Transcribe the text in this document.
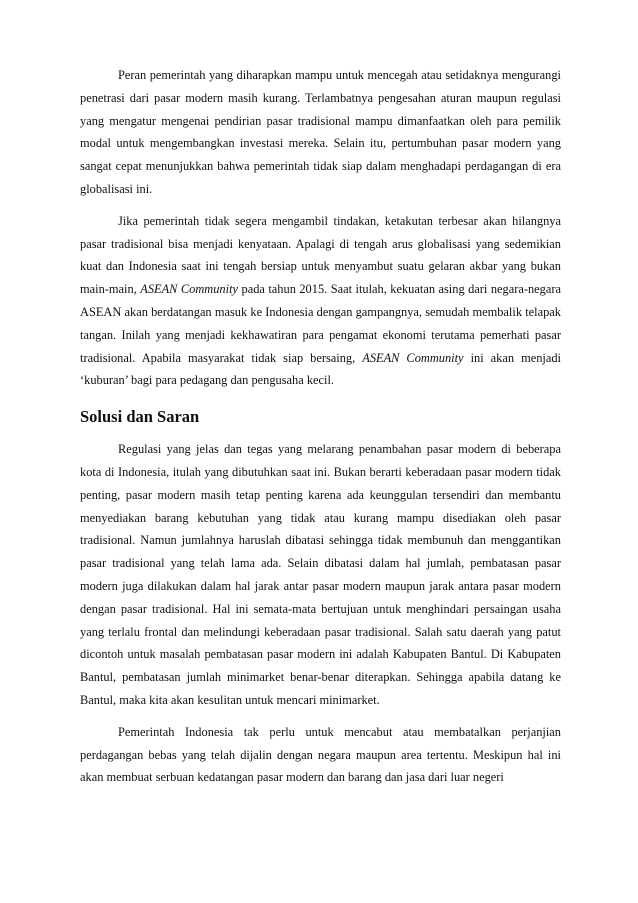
Peran pemerintah yang diharapkan mampu untuk mencegah atau setidaknya mengurangi penetrasi dari pasar modern masih kurang. Terlambatnya pengesahan aturan maupun regulasi yang mengatur mengenai pendirian pasar tradisional mampu dimanfaatkan oleh para pemilik modal untuk mengembangkan investasi mereka. Selain itu, pertumbuhan pasar modern yang sangat cepat menunjukkan bahwa pemerintah tidak siap dalam menghadapi perdagangan di era globalisasi ini.

Jika pemerintah tidak segera mengambil tindakan, ketakutan terbesar akan hilangnya pasar tradisional bisa menjadi kenyataan. Apalagi di tengah arus globalisasi yang sedemikian kuat dan Indonesia saat ini tengah bersiap untuk menyambut suatu gelaran akbar yang bukan main-main, ASEAN Community pada tahun 2015. Saat itulah, kekuatan asing dari negara-negara ASEAN akan berdatangan masuk ke Indonesia dengan gampangnya, semudah membalik telapak tangan. Inilah yang menjadi kekhawatiran para pengamat ekonomi terutama pemerhati pasar tradisional. Apabila masyarakat tidak siap bersaing, ASEAN Community ini akan menjadi ‘kuburan’ bagi para pedagang dan pengusaha kecil.

Solusi dan Saran

Regulasi yang jelas dan tegas yang melarang penambahan pasar modern di beberapa kota di Indonesia, itulah yang dibutuhkan saat ini. Bukan berarti keberadaan pasar modern tidak penting, pasar modern masih tetap penting karena ada keunggulan tersendiri dan membantu menyediakan barang kebutuhan yang tidak atau kurang mampu disediakan oleh pasar tradisional. Namun jumlahnya haruslah dibatasi sehingga tidak membunuh dan menggantikan pasar tradisional yang telah lama ada. Selain dibatasi dalam hal jumlah, pembatasan pasar modern juga dilakukan dalam hal jarak antar pasar modern maupun jarak antara pasar modern dengan pasar tradisional. Hal ini semata-mata bertujuan untuk menghindari persaingan usaha yang terlalu frontal dan melindungi keberadaan pasar tradisional. Salah satu daerah yang patut dicontoh untuk masalah pembatasan pasar modern ini adalah Kabupaten Bantul. Di Kabupaten Bantul, pembatasan jumlah minimarket benar-benar diterapkan. Sehingga apabila datang ke Bantul, maka kita akan kesulitan untuk mencari minimarket.

Pemerintah Indonesia tak perlu untuk mencabut atau membatalkan perjanjian perdagangan bebas yang telah dijalin dengan negara maupun area tertentu. Meskipun hal ini akan membuat serbuan kedatangan pasar modern dan barang dan jasa dari luar negeri
